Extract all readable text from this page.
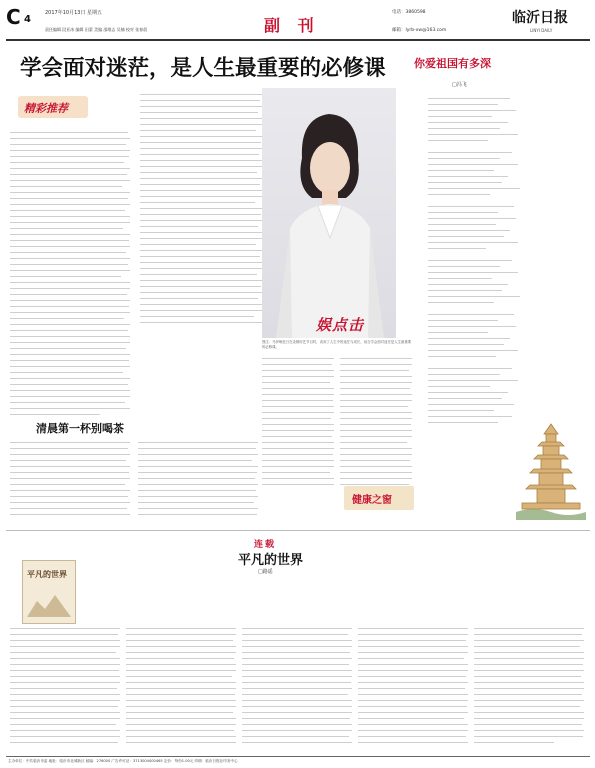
C 4
2017年10月13日 星期五
责任编辑 段亚冰 编辑 田蒙 美编 邵维志 吴楠 校对 张春晨	副 刊
电话：3860598
邮箱：lyrb-xw@163.com
临沂日报
LINYI DAILY
学会面对迷茫，是人生最重要的必修课
精彩推荐
娱点击
你爱祖国有多深
□冯飞
图注：马伊琍近日在录制综艺节目时，谈到了人生中的迷茫与成长，坦言学会面对迷茫是人生最重要的必修课。
清晨第一杯别喝茶
健康之窗
连载
平凡的世界
□路遥
平凡的世界
主办单位：中共临沂市委 地址：临沂市北城新区 邮编：276000 广告许可证：3713004000465 定价：每份1.00元 印刷：临沂日报社印务中心
